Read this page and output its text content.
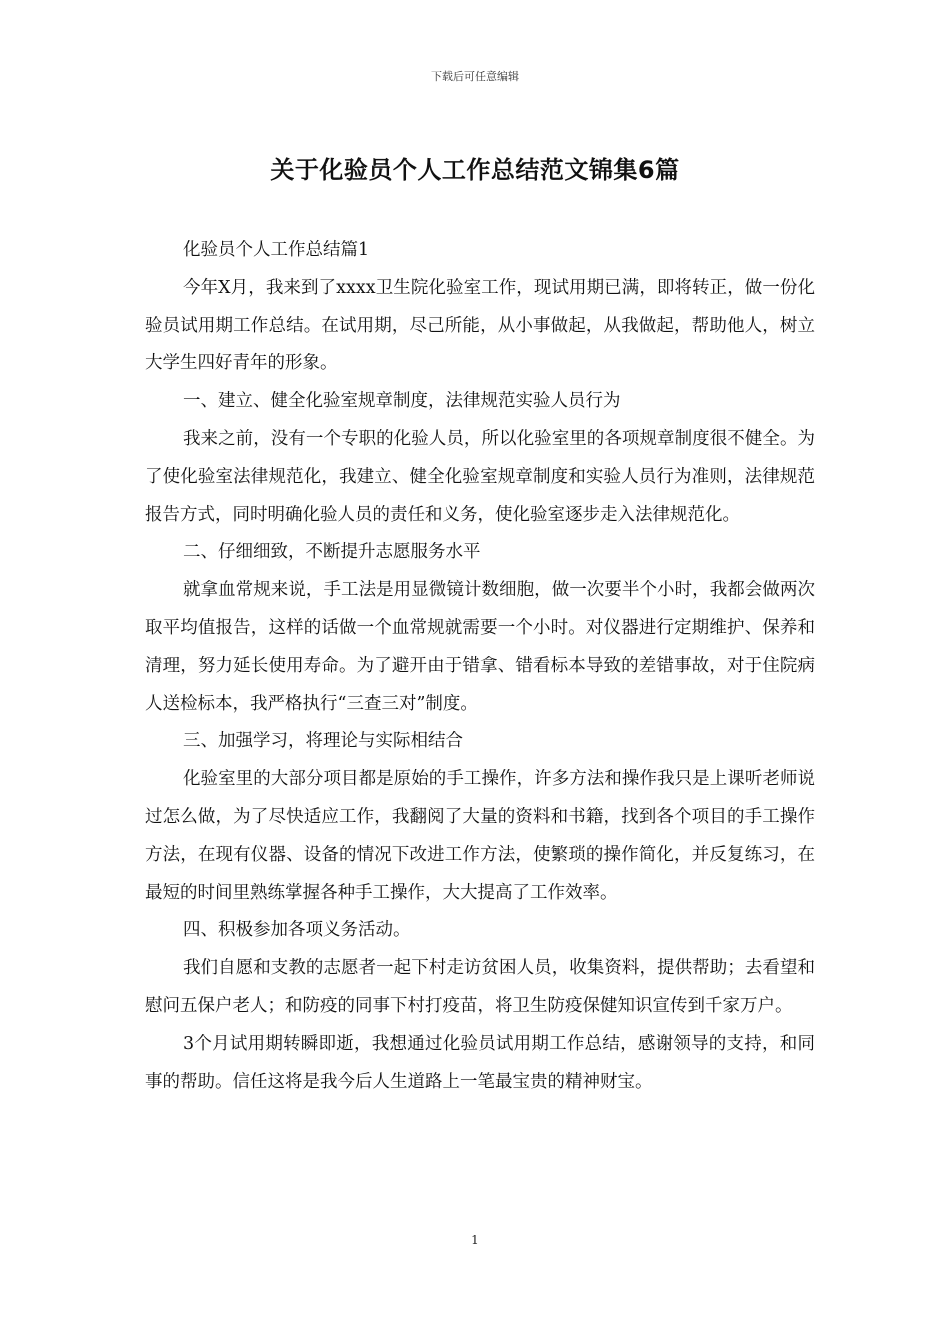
下载后可任意编辑
关于化验员个人工作总结范文锦集6篇

化验员个人工作总结篇1

今年X月，我来到了xxxx卫生院化验室工作，现试用期已满，即将转正，做一份化验员试用期工作总结。在试用期，尽己所能，从小事做起，从我做起，帮助他人，树立大学生四好青年的形象。

一、建立、健全化验室规章制度，法律规范实验人员行为

我来之前，没有一个专职的化验人员，所以化验室里的各项规章制度很不健全。为了使化验室法律规范化，我建立、健全化验室规章制度和实验人员行为准则，法律规范报告方式，同时明确化验人员的责任和义务，使化验室逐步走入法律规范化。

二、仔细细致，不断提升志愿服务水平

就拿血常规来说，手工法是用显微镜计数细胞，做一次要半个小时，我都会做两次取平均值报告，这样的话做一个血常规就需要一个小时。对仪器进行定期维护、保养和清理，努力延长使用寿命。为了避开由于错拿、错看标本导致的差错事故，对于住院病人送检标本，我严格执行“三查三对”制度。

三、加强学习，将理论与实际相结合

化验室里的大部分项目都是原始的手工操作，许多方法和操作我只是上课听老师说过怎么做，为了尽快适应工作，我翻阅了大量的资料和书籍，找到各个项目的手工操作方法，在现有仪器、设备的情况下改进工作方法，使繁琐的操作简化，并反复练习，在最短的时间里熟练掌握各种手工操作，大大提高了工作效率。

四、积极参加各项义务活动。

我们自愿和支教的志愿者一起下村走访贫困人员，收集资料，提供帮助；去看望和慰问五保户老人；和防疫的同事下村打疫苗，将卫生防疫保健知识宣传到千家万户。

3个月试用期转瞬即逝，我想通过化验员试用期工作总结，感谢领导的支持，和同事的帮助。信任这将是我今后人生道路上一笔最宝贵的精神财宝。

1
